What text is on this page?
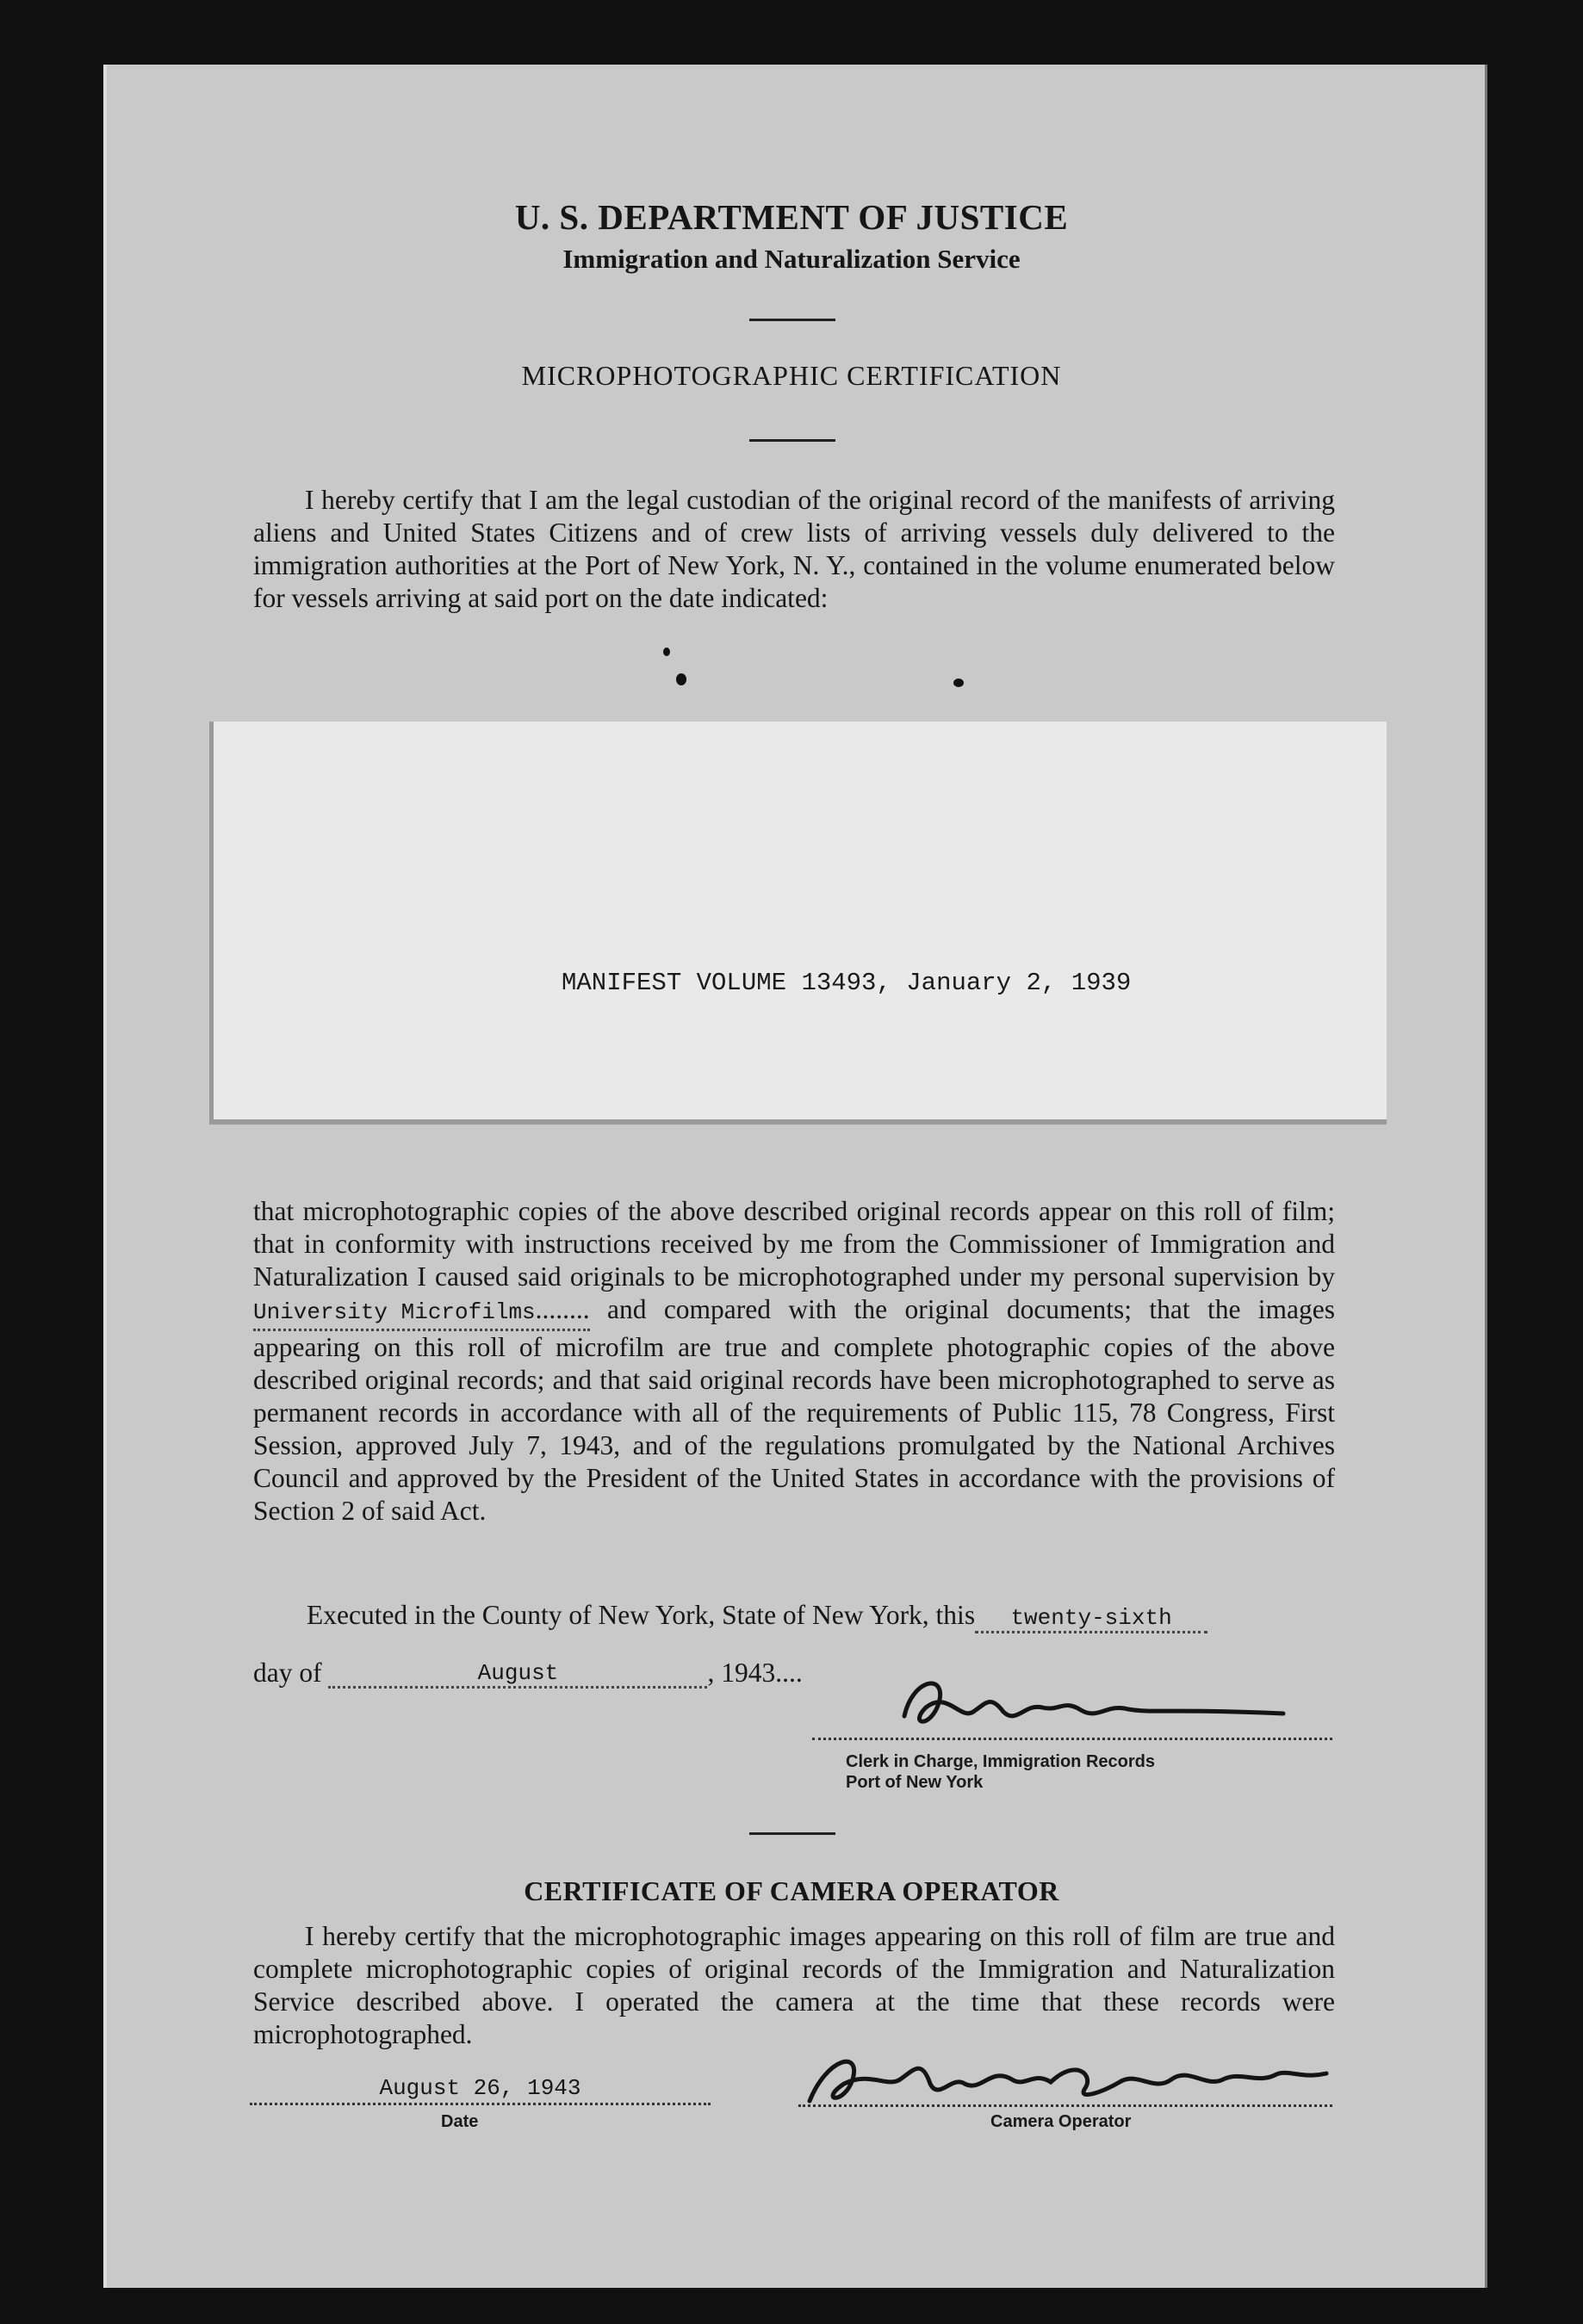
U. S. DEPARTMENT OF JUSTICE
Immigration and Naturalization Service
MICROPHOTOGRAPHIC CERTIFICATION

I hereby certify that I am the legal custodian of the original record of the manifests of arriving aliens and United States Citizens and of crew lists of arriving vessels duly delivered to the immigration authorities at the Port of New York, N. Y., contained in the volume enumerated below for vessels arriving at said port on the date indicated:

MANIFEST VOLUME 13493, January 2, 1939

that microphotographic copies of the above described original records appear on this roll of film; that in conformity with instructions received by me from the Commissioner of Immigration and Naturalization I caused said originals to be microphotographed under my personal supervision byUniversity Microfilms........ and compared with the original documents; that the images appearing on this roll of microfilm are true and complete photographic copies of the above described original records; and that said original records have been microphotographed to serve as permanent records in accordance with all of the requirements of Public 115, 78 Congress, First Session, approved July 7, 1943, and of the regulations promulgated by the National Archives Council and approved by the President of the United States in accordance with the provisions of Section 2 of said Act.

Executed in the County of New York, State of New York, this twenty-sixth
day of	August	, 1943....
Clerk in Charge, Immigration Records
Port of New York
CERTIFICATE OF CAMERA OPERATOR

I hereby certify that the microphotographic images appearing on this roll of film are true and complete microphotographic copies of original records of the Immigration and Naturalization Service described above. I operated the camera at the time that these records were microphotographed.

August 26, 1943
Date	Camera Operator
